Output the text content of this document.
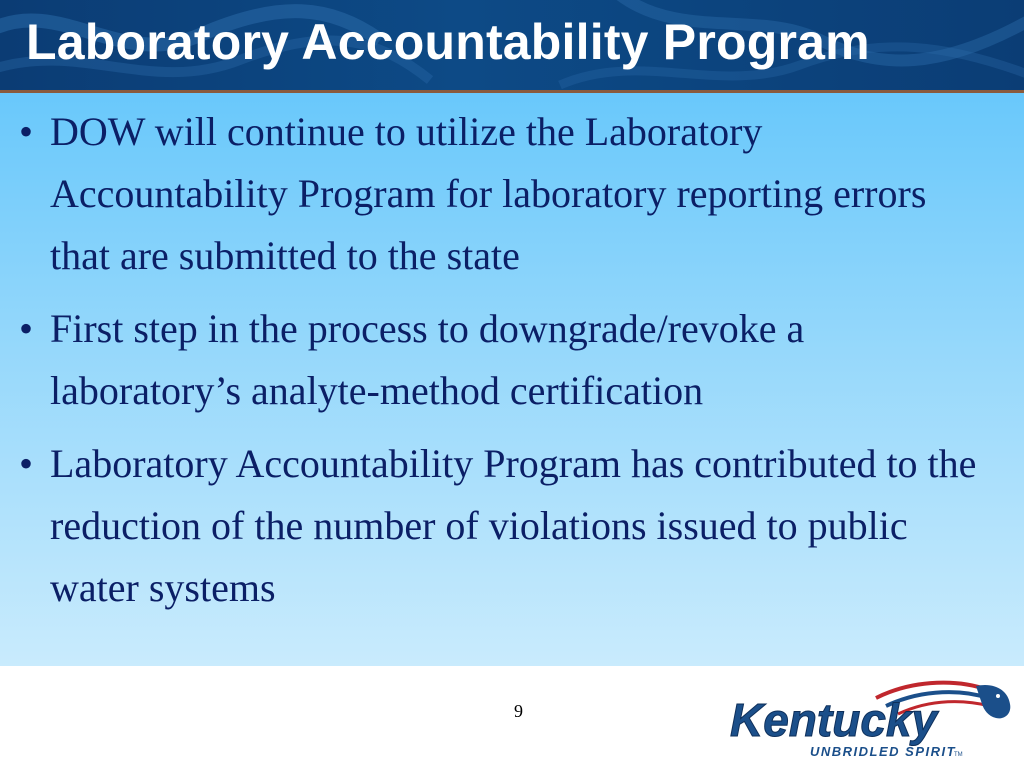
Laboratory Accountability Program
• DOW will continue to utilize the Laboratory Accountability Program for laboratory reporting errors that are submitted to the state
• First step in the process to downgrade/revoke a laboratory’s analyte-method certification
• Laboratory Accountability Program has contributed to the reduction of the number of violations issued to public water systems
9	Kentucky
UNBRIDLED SPIRIT
TM
